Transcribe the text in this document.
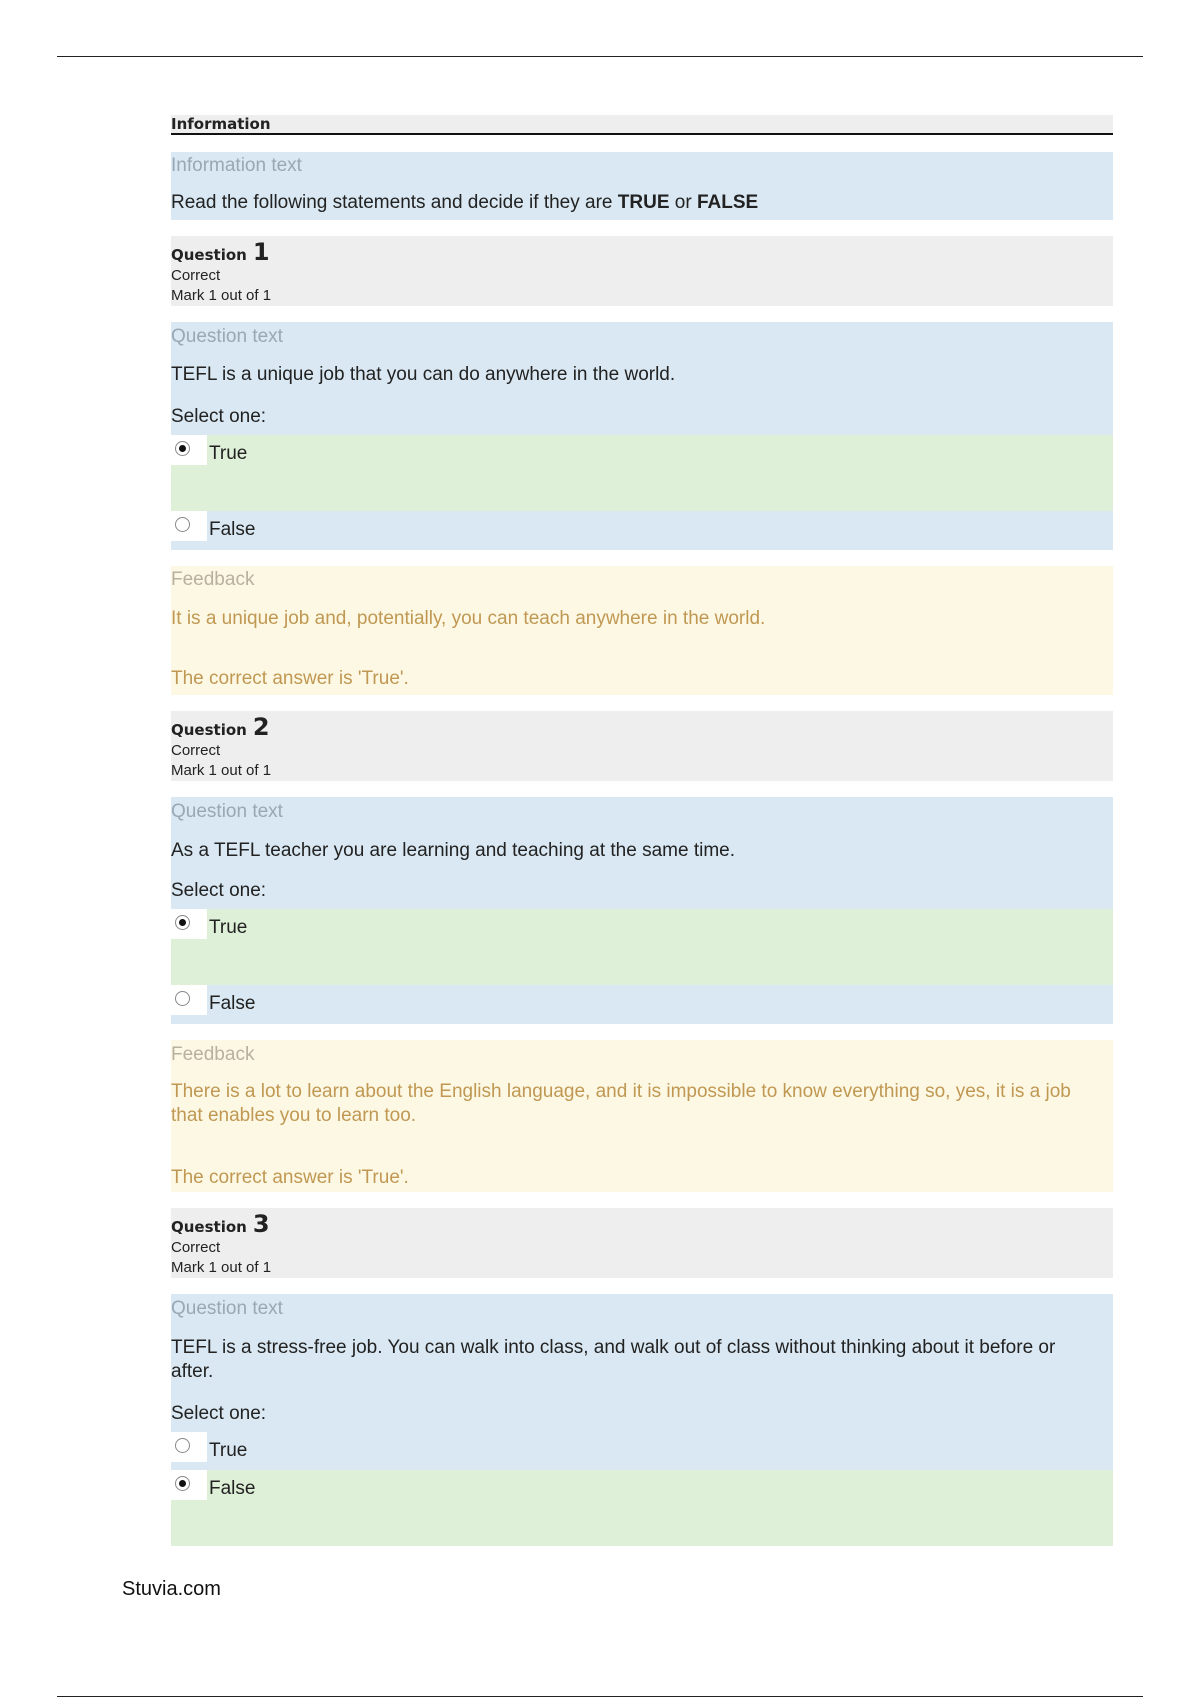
Information
Information text
Read the following statements and decide if they are TRUE or FALSE
Question 1
Correct
Mark 1 out of 1
Question text
TEFL is a unique job that you can do anywhere in the world.
Select one:
True
False
Feedback
It is a unique job and, potentially, you can teach anywhere in the world.
The correct answer is 'True'.
Question 2
Correct
Mark 1 out of 1
Question text
As a TEFL teacher you are learning and teaching at the same time.
Select one:
True
False
Feedback
There is a lot to learn about the English language, and it is impossible to know everything so, yes, it is a job that enables you to learn too.
The correct answer is 'True'.
Question 3
Correct
Mark 1 out of 1
Question text
TEFL is a stress-free job. You can walk into class, and walk out of class without thinking about it before or after.
Select one:
True
False
Stuvia.com
